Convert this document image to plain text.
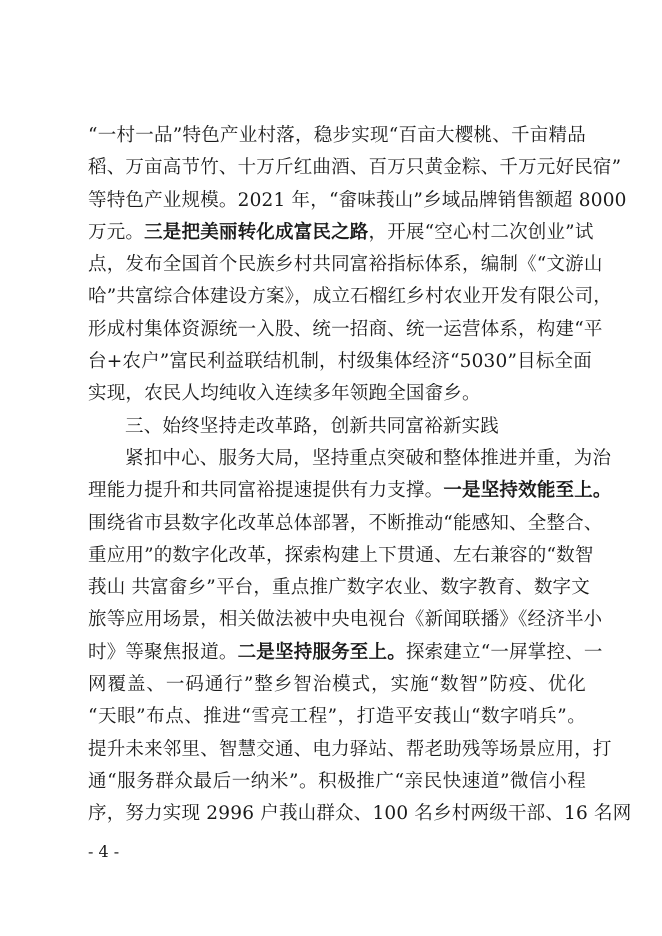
“一村一品”特色产业村落，稳步实现“百亩大樱桃、千亩精品
稻、万亩高节竹、十万斤红曲酒、百万只黄金粽、千万元好民宿”
等特色产业规模。2021 年，“畲味莪山”乡域品牌销售额超 8000
万元。三是把美丽转化成富民之路，开展“空心村二次创业”试
点，发布全国首个民族乡村共同富裕指标体系，编制《“文游山
哈”共富综合体建设方案》，成立石榴红乡村农业开发有限公司，
形成村集体资源统一入股、统一招商、统一运营体系，构建“平
台+农户”富民利益联结机制，村级集体经济“5030”目标全面
实现，农民人均纯收入连续多年领跑全国畲乡。
三、始终坚持走改革路，创新共同富裕新实践
紧扣中心、服务大局，坚持重点突破和整体推进并重，为治
理能力提升和共同富裕提速提供有力支撑。一是坚持效能至上。
围绕省市县数字化改革总体部署，不断推动“能感知、全整合、
重应用”的数字化改革，探索构建上下贯通、左右兼容的“数智
莪山 共富畲乡”平台，重点推广数字农业、数字教育、数字文
旅等应用场景，相关做法被中央电视台《新闻联播》《经济半小
时》等聚焦报道。二是坚持服务至上。探索建立“一屏掌控、一
网覆盖、一码通行”整乡智治模式，实施“数智”防疫、优化
“天眼”布点、推进“雪亮工程”，打造平安莪山“数字哨兵”。
提升未来邻里、智慧交通、电力驿站、帮老助残等场景应用，打
通“服务群众最后一纳米”。积极推广“亲民快速道”微信小程
序，努力实现 2996 户莪山群众、100 名乡村两级干部、16 名网
- 4 -
